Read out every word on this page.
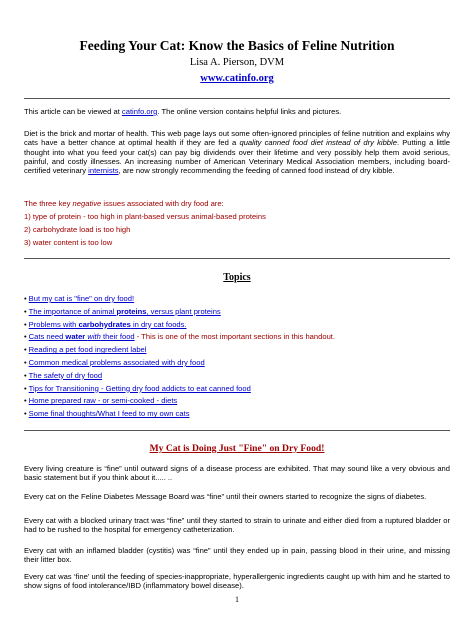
Feeding Your Cat: Know the Basics of Feline Nutrition
Lisa A. Pierson, DVM
www.catinfo.org
This article can be viewed at catinfo.org. The online version contains helpful links and pictures.
Diet is the brick and mortar of health. This web page lays out some often-ignored principles of feline nutrition and explains why cats have a better chance at optimal health if they are fed a quality canned food diet instead of dry kibble. Putting a little thought into what you feed your cat(s) can pay big dividends over their lifetime and very possibly help them avoid serious, painful, and costly illnesses. An increasing number of American Veterinary Medical Association members, including board-certified veterinary internists, are now strongly recommending the feeding of canned food instead of dry kibble.
The three key negative issues associated with dry food are:
1) type of protein - too high in plant-based versus animal-based proteins
2) carbohydrate load is too high
3) water content is too low
Topics
• But my cat is "fine" on dry food!
• The importance of animal proteins, versus plant proteins
• Problems with carbohydrates in dry cat foods.
• Cats need water with their food - This is one of the most important sections in this handout.
• Reading a pet food ingredient label
• Common medical problems associated with dry food
• The safety of dry food
• Tips for Transitioning - Getting dry food addicts to eat canned food
• Home prepared raw - or semi-cooked - diets
• Some final thoughts/What I feed to my own cats
My Cat is Doing Just "Fine" on Dry Food!
Every living creature is “fine” until outward signs of a disease process are exhibited. That may sound like a very obvious and basic statement but if you think about it..... ..
Every cat on the Feline Diabetes Message Board was “fine” until their owners started to recognize the signs of diabetes.
Every cat with a blocked urinary tract was “fine” until they started to strain to urinate and either died from a ruptured bladder or had to be rushed to the hospital for emergency catheterization.
Every cat with an inflamed bladder (cystitis) was “fine” until they ended up in pain, passing blood in their urine, and missing their litter box.
Every cat was ‘fine’ until the feeding of species-inappropriate, hyperallergenic ingredients caught up with him and he started to show signs of food intolerance/IBD (inflammatory bowel disease).
1
